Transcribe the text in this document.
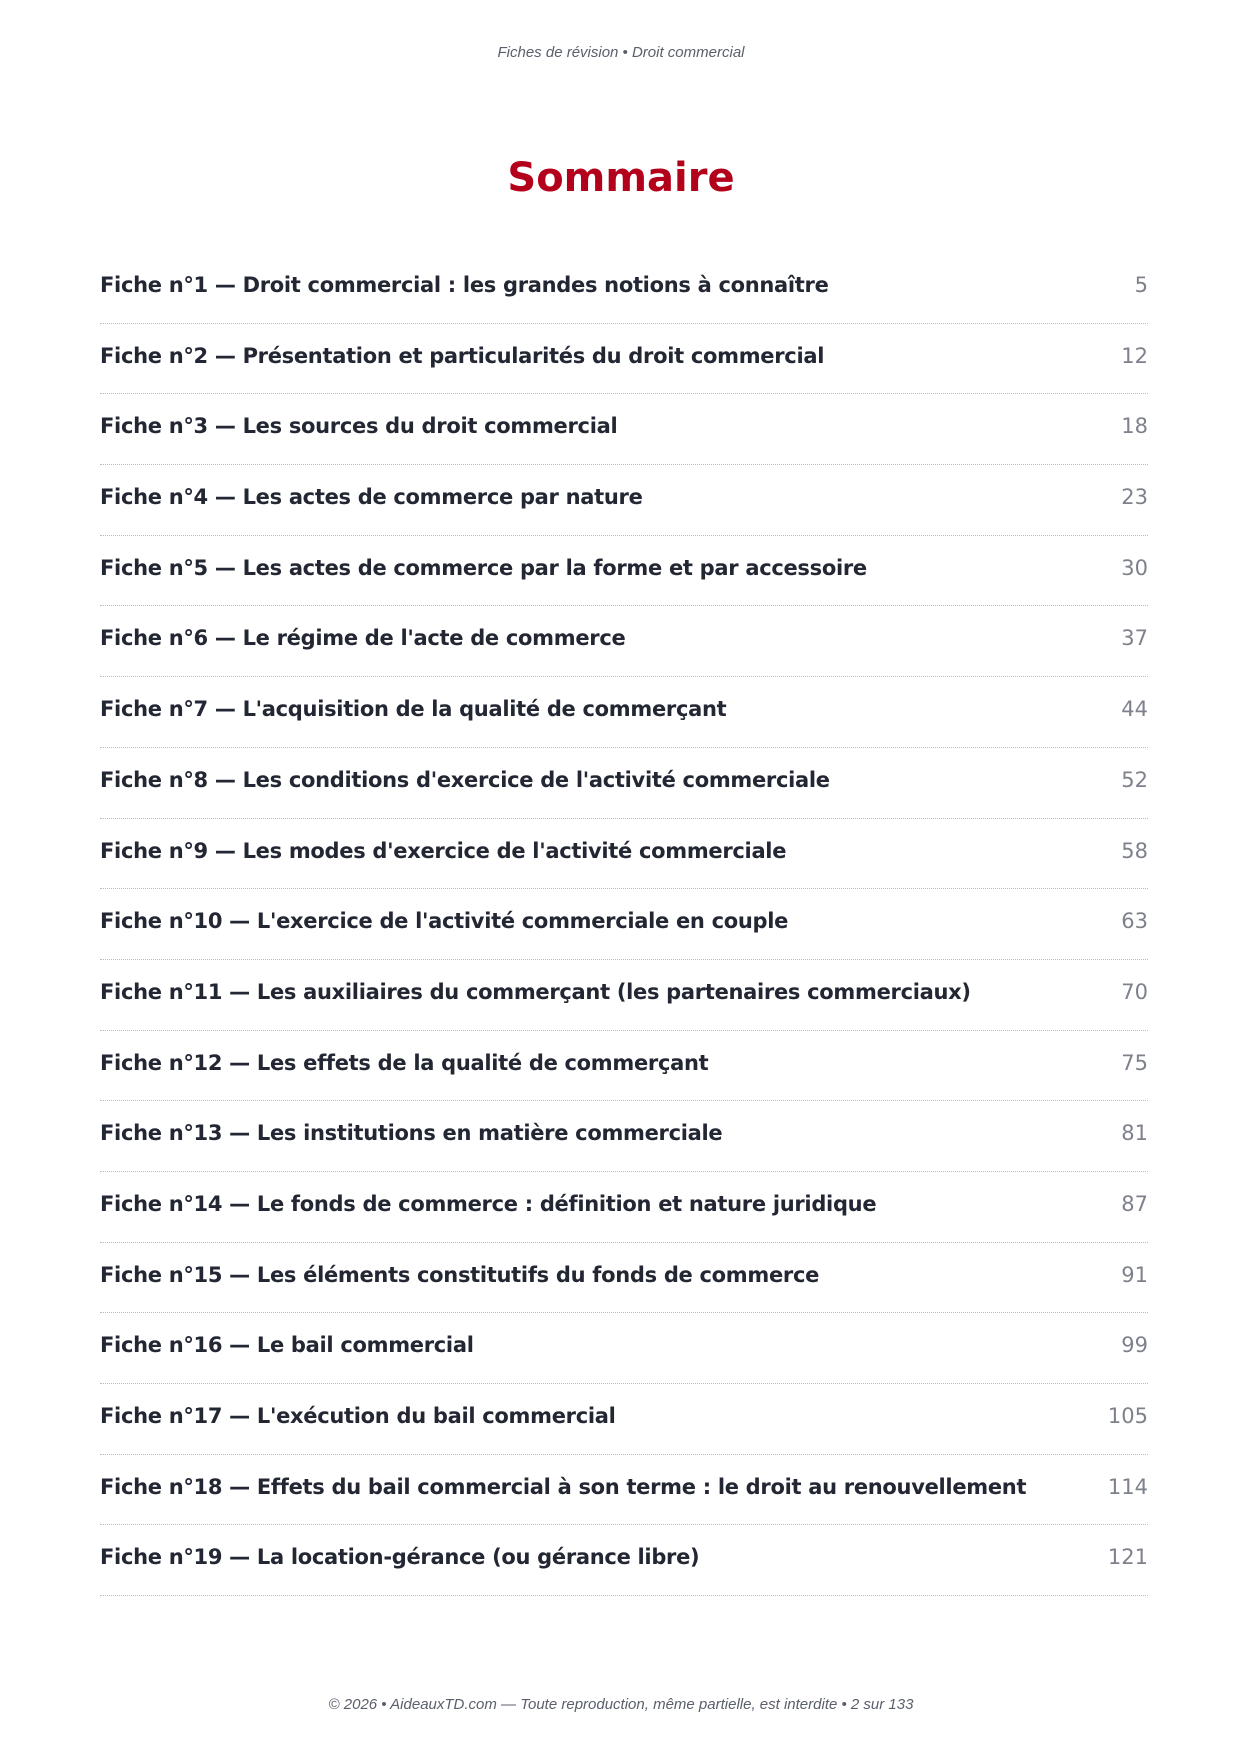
Fiches de révision • Droit commercial
Sommaire
Fiche n°1 — Droit commercial : les grandes notions à connaître	5
Fiche n°2 — Présentation et particularités du droit commercial	12
Fiche n°3 — Les sources du droit commercial	18
Fiche n°4 — Les actes de commerce par nature	23
Fiche n°5 — Les actes de commerce par la forme et par accessoire	30
Fiche n°6 — Le régime de l'acte de commerce	37
Fiche n°7 — L'acquisition de la qualité de commerçant	44
Fiche n°8 — Les conditions d'exercice de l'activité commerciale	52
Fiche n°9 — Les modes d'exercice de l'activité commerciale	58
Fiche n°10 — L'exercice de l'activité commerciale en couple	63
Fiche n°11 — Les auxiliaires du commerçant (les partenaires commerciaux)	70
Fiche n°12 — Les effets de la qualité de commerçant	75
Fiche n°13 — Les institutions en matière commerciale	81
Fiche n°14 — Le fonds de commerce : définition et nature juridique	87
Fiche n°15 — Les éléments constitutifs du fonds de commerce	91
Fiche n°16 — Le bail commercial	99
Fiche n°17 — L'exécution du bail commercial	105
Fiche n°18 — Effets du bail commercial à son terme : le droit au renouvellement	114
Fiche n°19 — La location-gérance (ou gérance libre)	121
© 2026 • AideauxTD.com — Toute reproduction, même partielle, est interdite • 2 sur 133
